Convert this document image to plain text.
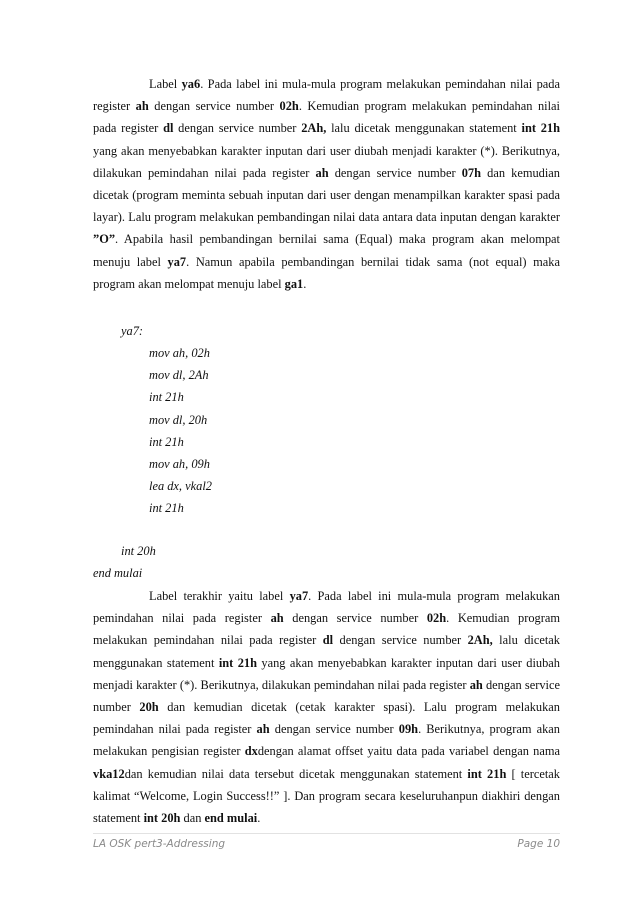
Label ya6. Pada label ini mula-mula program melakukan pemindahan nilai pada register ah dengan service number 02h. Kemudian program melakukan pemindahan nilai pada register dl dengan service number 2Ah, lalu dicetak menggunakan statement int 21h yang akan menyebabkan karakter inputan dari user diubah menjadi karakter (*). Berikutnya, dilakukan pemindahan nilai pada register ah dengan service number 07h dan kemudian dicetak (program meminta sebuah inputan dari user dengan menampilkan karakter spasi pada layar). Lalu program melakukan pembandingan nilai data antara data inputan dengan karakter ”O”. Apabila hasil pembandingan bernilai sama (Equal) maka program akan melompat menuju label ya7. Namun apabila pembandingan bernilai tidak sama (not equal) maka program akan melompat menuju label ga1.

ya7:
mov ah, 02h
mov dl, 2Ah
int 21h
mov dl, 20h
int 21h
mov ah, 09h
lea dx, vkal2
int 21h
int 20h
end mulai

Label terakhir yaitu label ya7. Pada label ini mula-mula program melakukan pemindahan nilai pada register ah dengan service number 02h. Kemudian program melakukan pemindahan nilai pada register dl dengan service number 2Ah, lalu dicetak menggunakan statement int 21h yang akan menyebabkan karakter inputan dari user diubah menjadi karakter (*). Berikutnya, dilakukan pemindahan nilai pada register ah dengan service number 20h dan kemudian dicetak (cetak karakter spasi). Lalu program melakukan pemindahan nilai pada register ah dengan service number 09h. Berikutnya, program akan melakukan pengisian register dxdengan alamat offset yaitu data pada variabel dengan nama vka12dan kemudian nilai data tersebut dicetak menggunakan statement int 21h [ tercetak kalimat “Welcome, Login Success!!” ]. Dan program secara keseluruhanpun diakhiri dengan statement int 20h dan end mulai.

LA OSK pert3-Addressing	Page 10
